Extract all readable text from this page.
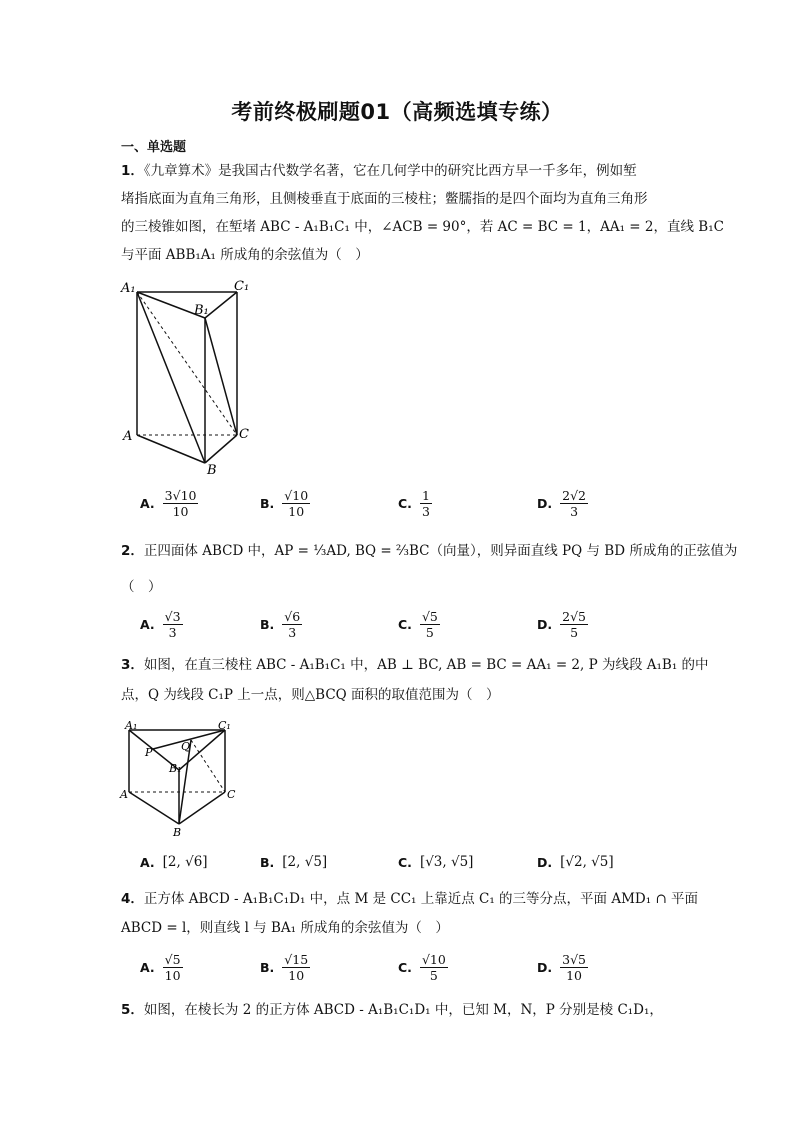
考前终极刷题01（高频选填专练）
一、单选题
1．《九章算术》是我国古代数学名著，它在几何学中的研究比西方早一千多年，例如堑
堵指底面为直角三角形，且侧棱垂直于底面的三棱柱；鳖臑指的是四个面均为直角三角形
的三棱锥如图，在堑堵 ABC - A₁B₁C₁ 中，∠ACB = 90°，若 AC = BC = 1，AA₁ = 2，直线 B₁C
与平面 ABB₁A₁ 所成角的余弦值为（　）
A₁	C₁
B₁
A	C
B
A. $\frac{3√10}{10}$	B. $\frac{√10}{10}$	C. $\frac{1}{3}$	D. $\frac{2√2}{3}$
2．正四面体 ABCD 中，AP = ⅓AD, BQ = ⅔BC（向量），则异面直线 PQ 与 BD 所成角的正弦值为
（　）
A. $\frac{√3}{3}$	B. $\frac{√6}{3}$	C. $\frac{√5}{5}$	D. $\frac{2√5}{5}$
3．如图，在直三棱柱 ABC - A₁B₁C₁ 中，AB ⊥ BC, AB = BC = AA₁ = 2, P 为线段 A₁B₁ 的中
点，Q 为线段 C₁P 上一点，则△BCQ 面积的取值范围为（　）
A₁	C₁
P	Q
B₁
A	C
B
A. [2, √6]	B. [2, √5]	C. [√3, √5]	D. [√2, √5]
4．正方体 ABCD - A₁B₁C₁D₁ 中，点 M 是 CC₁ 上靠近点 C₁ 的三等分点，平面 AMD₁ ∩ 平面
ABCD = l，则直线 l 与 BA₁ 所成角的余弦值为（　）
A. $\frac{√5}{10}$	B. $\frac{√15}{10}$	C. $\frac{√10}{5}$	D. $\frac{3√5}{10}$
5．如图，在棱长为 2 的正方体 ABCD - A₁B₁C₁D₁ 中，已知 M，N，P 分别是棱 C₁D₁，
